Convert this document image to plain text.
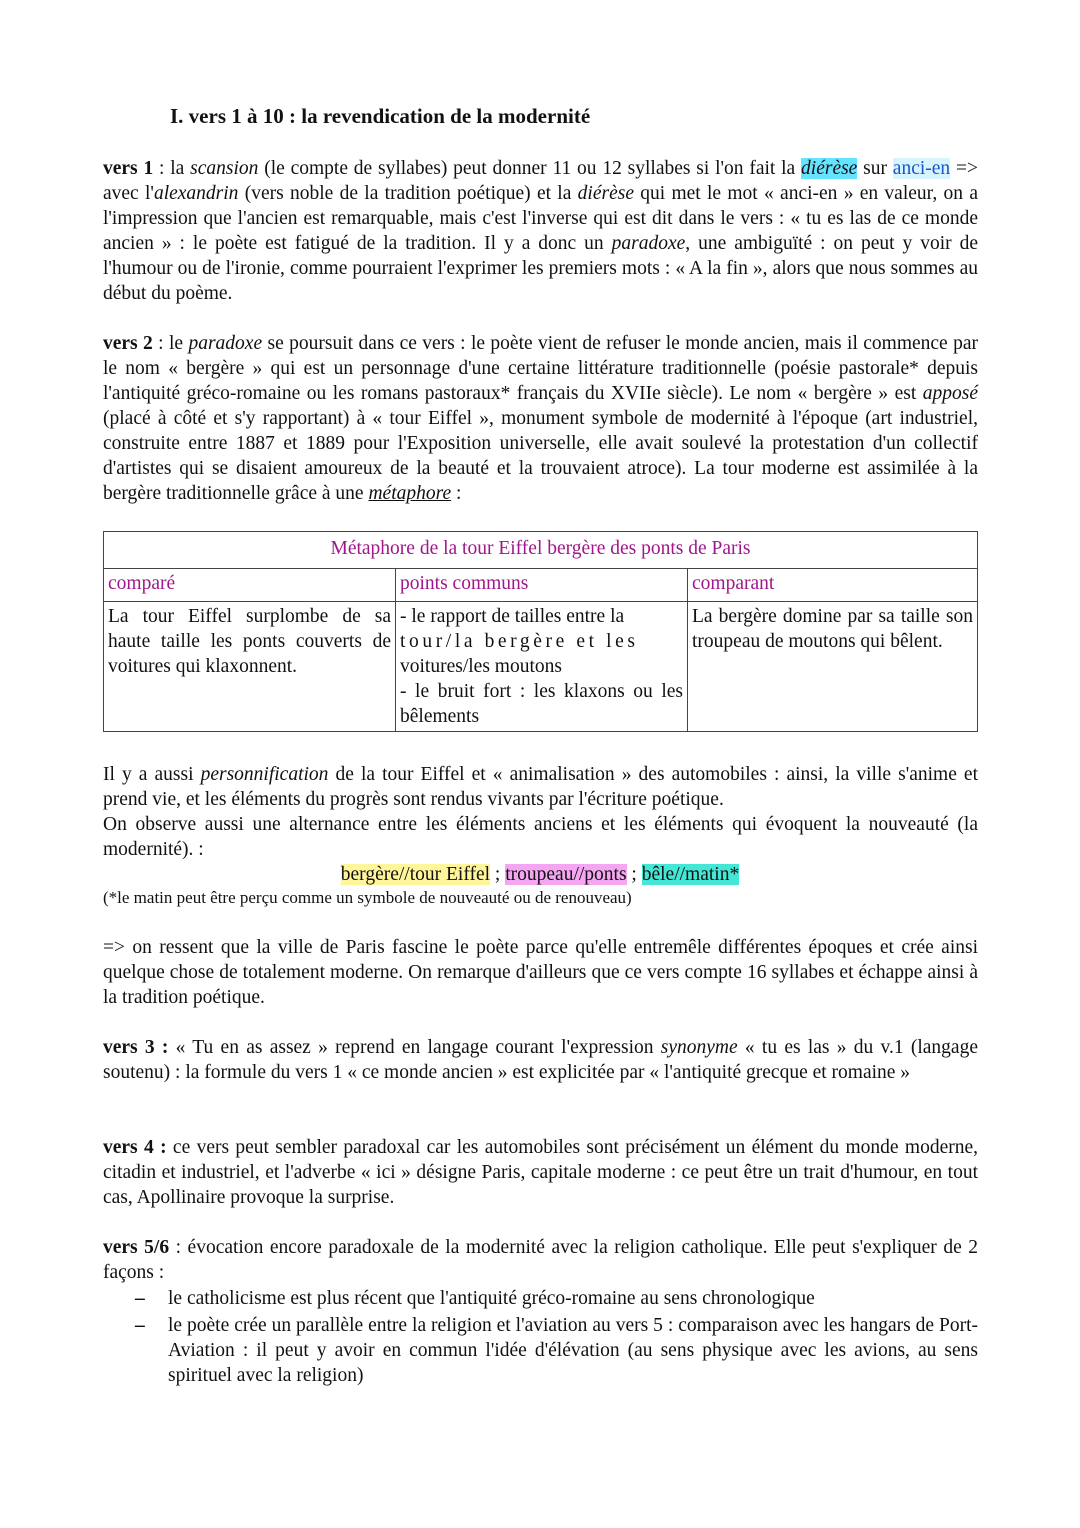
I. vers 1 à 10 : la revendication de la modernité

vers 1 : la scansion (le compte de syllabes) peut donner 11 ou 12 syllabes si l'on fait la diérèse sur anci-en => avec l'alexandrin (vers noble de la tradition poétique) et la diérèse qui met le mot « anci-en » en valeur, on a l'impression que l'ancien est remarquable, mais c'est l'inverse qui est dit dans le vers : « tu es las de ce monde ancien » : le poète est fatigué de la tradition. Il y a donc un paradoxe, une ambiguïté : on peut y voir de l'humour ou de l'ironie, comme pourraient l'exprimer les premiers mots : « A la fin », alors que nous sommes au début du poème.

vers 2 : le paradoxe se poursuit dans ce vers : le poète vient de refuser le monde ancien, mais il commence par le nom « bergère » qui est un personnage d'une certaine littérature traditionnelle (poésie pastorale* depuis l'antiquité gréco-romaine ou les romans pastoraux* français du XVIIe siècle). Le nom « bergère » est apposé (placé à côté et s'y rapportant) à « tour Eiffel », monument symbole de modernité à l'époque (art industriel, construite entre 1887 et 1889 pour l'Exposition universelle, elle avait soulevé la protestation d'un collectif d'artistes qui se disaient amoureux de la beauté et la trouvaient atroce). La tour moderne est assimilée à la bergère traditionnelle grâce à une métaphore :

Métaphore de la tour Eiffel bergère des ponts de Paris		
comparé	points communs	comparant
La tour Eiffel surplombe de sa haute taille les ponts couverts de voitures qui klaxonnent.	- le rapport de tailles entre la
tour/la bergère et les
voitures/les moutons
- le bruit fort : les klaxons ou les bêlements	La bergère domine par sa taille son troupeau de moutons qui bêlent.

Il y a aussi personnification de la tour Eiffel et « animalisation » des automobiles : ainsi, la ville s'anime et prend vie, et les éléments du progrès sont rendus vivants par l'écriture poétique.

On observe aussi une alternance entre les éléments anciens et les éléments qui évoquent la nouveauté (la modernité). :

bergère//tour Eiffel ; troupeau//ponts ; bêle//matin*
(*le matin peut être perçu comme un symbole de nouveauté ou de renouveau)
=> on ressent que la ville de Paris fascine le poète parce qu'elle entremêle différentes époques et crée ainsi quelque chose de totalement moderne. On remarque d'ailleurs que ce vers compte 16 syllabes et échappe ainsi à la tradition poétique.

vers 3 : « Tu en as assez » reprend en langage courant l'expression synonyme « tu es las » du v.1 (langage soutenu) : la formule du vers 1 « ce monde ancien » est explicitée par « l'antiquité grecque et romaine »

vers 4 : ce vers peut sembler paradoxal car les automobiles sont précisément un élément du monde moderne, citadin et industriel, et l'adverbe « ici » désigne Paris, capitale moderne : ce peut être un trait d'humour, en tout cas, Apollinaire provoque la surprise.

vers 5/6 : évocation encore paradoxale de la modernité avec la religion catholique. Elle peut s'expliquer de 2 façons :

– le catholicisme est plus récent que l'antiquité gréco-romaine au sens chronologique
– le poète crée un parallèle entre la religion et l'aviation au vers 5 : comparaison avec les hangars de Port-Aviation : il peut y avoir en commun l'idée d'élévation (au sens physique avec les avions, au sens spirituel avec la religion)
